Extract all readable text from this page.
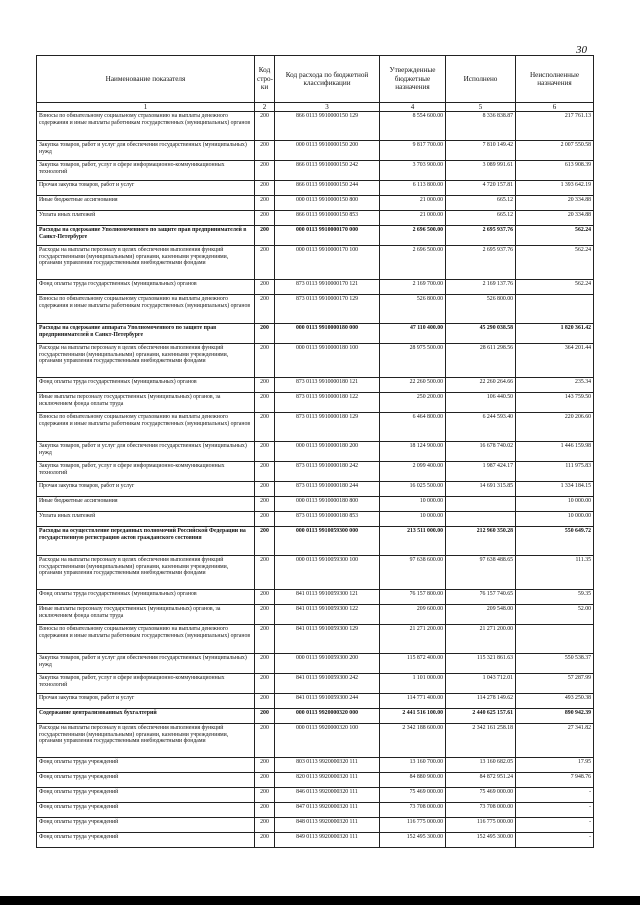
30
Наименование показателя	Код стро-ки	Код расхода по бюджетной классификации	Утвержденные бюджетные назначения	Исполнено	Неисполненные назначения
1	2	3	4	5	6
Взносы по обязательному социальному страхованию на выплаты денежного содержания и иные выплаты работникам государственных (муниципальных) органов	200	866 0113 9910000150 129	8 554 600.00	8 336 838.87	217 761.13
Закупка товаров, работ и услуг для обеспечения государственных (муниципальных) нужд	200	000 0113 9910000150 200	9 817 700.00	7 810 149.42	2 007 550.58
Закупка товаров, работ, услуг в сфере информационно-коммуникационных технологий	200	866 0113 9910000150 242	3 703 900.00	3 089 991.61	613 908.39
Прочая закупка товаров, работ и услуг	200	866 0113 9910000150 244	6 113 800.00	4 720 157.81	1 393 642.19
Иные бюджетные ассигнования	200	000 0113 9910000150 800	21 000.00	665.12	20 334.88
Уплата иных платежей	200	866 0113 9910000150 853	21 000.00	665.12	20 334.88
Расходы на содержание Уполномоченного по защите прав предпринимателей в Санкт-Петербурге	200	000 0113 9910000170 000	2 696 500.00	2 695 937.76	562.24
Расходы на выплаты персоналу в целях обеспечения выполнения функций государственными (муниципальными) органами, казенными учреждениями, органами управления государственными внебюджетными фондами	200	000 0113 9910000170 100	2 696 500.00	2 695 937.76	562.24
Фонд оплаты труда государственных (муниципальных) органов	200	873 0113 9910000170 121	2 169 700.00	2 169 137.76	562.24
Взносы по обязательному социальному страхованию на выплаты денежного содержания и иные выплаты работникам государственных (муниципальных) органов	200	873 0113 9910000170 129	526 800.00	526 800.00	
Расходы на содержание аппарата Уполномоченного по защите прав предпринимателей в Санкт-Петербурге	200	000 0113 9910000180 000	47 110 400.00	45 290 038.58	1 820 361.42
Расходы на выплаты персоналу в целях обеспечения выполнения функций государственными (муниципальными) органами, казенными учреждениями, органами управления государственными внебюджетными фондами	200	000 0113 9910000180 100	28 975 500.00	28 611 298.56	364 201.44
Фонд оплаты труда государственных (муниципальных) органов	200	873 0113 9910000180 121	22 260 500.00	22 260 264.66	235.34
Иные выплаты персоналу государственных (муниципальных) органов, за исключением фонда оплаты труда	200	873 0113 9910000180 122	250 200.00	106 440.50	143 759.50
Взносы по обязательному социальному страхованию на выплаты денежного содержания и иные выплаты работникам государственных (муниципальных) органов	200	873 0113 9910000180 129	6 464 800.00	6 244 593.40	220 206.60
Закупка товаров, работ и услуг для обеспечения государственных (муниципальных) нужд	200	000 0113 9910000180 200	18 124 900.00	16 678 740.02	1 446 159.98
Закупка товаров, работ, услуг в сфере информационно-коммуникационных технологий	200	873 0113 9910000180 242	2 099 400.00	1 987 424.17	111 975.83
Прочая закупка товаров, работ и услуг	200	873 0113 9910000180 244	16 025 500.00	14 691 315.85	1 334 184.15
Иные бюджетные ассигнования	200	000 0113 9910000180 800	10 000.00		10 000.00
Уплата иных платежей	200	873 0113 9910000180 853	10 000.00		10 000.00
Расходы на осуществление переданных полномочий Российской Федерации на государственную регистрацию актов гражданского состояния	200	000 0113 9910059300 000	213 511 000.00	212 960 350.28	550 649.72
Расходы на выплаты персоналу в целях обеспечения выполнения функций государственными (муниципальными) органами, казенными учреждениями, органами управления государственными внебюджетными фондами	200	000 0113 9910059300 100	97 638 600.00	97 638 488.65	111.35
Фонд оплаты труда государственных (муниципальных) органов	200	841 0113 9910059300 121	76 157 800.00	76 157 740.65	59.35
Иные выплаты персоналу государственных (муниципальных) органов, за исключением фонда оплаты труда	200	841 0113 9910059300 122	209 600.00	209 548.00	52.00
Взносы по обязательному социальному страхованию на выплаты денежного содержания и иные выплаты работникам государственных (муниципальных) органов	200	841 0113 9910059300 129	21 271 200.00	21 271 200.00	
Закупка товаров, работ и услуг для обеспечения государственных (муниципальных) нужд	200	000 0113 9910059300 200	115 872 400.00	115 321 861.63	550 538.37
Закупка товаров, работ, услуг в сфере информационно-коммуникационных технологий	200	841 0113 9910059300 242	1 101 000.00	1 043 712.01	57 287.99
Прочая закупка товаров, работ и услуг	200	841 0113 9910059300 244	114 771 400.00	114 278 149.62	493 250.38
Содержание централизованных бухгалтерий	200	000 0113 9920000320 000	2 441 516 100.00	2 440 625 157.61	890 942.39
Расходы на выплаты персоналу в целях обеспечения выполнения функций государственными (муниципальными) органами, казенными учреждениями, органами управления государственными внебюджетными фондами	200	000 0113 9920000320 100	2 342 188 600.00	2 342 161 258.18	27 341.82
Фонд оплаты труда учреждений	200	803 0113 9920000320 111	13 160 700.00	13 160 682.05	17.95
Фонд оплаты труда учреждений	200	820 0113 9920000320 111	84 880 900.00	84 872 951.24	7 948.76
Фонд оплаты труда учреждений	200	846 0113 9920000320 111	75 469 000.00	75 469 000.00	-
Фонд оплаты труда учреждений	200	847 0113 9920000320 111	73 708 000.00	73 708 000.00	-
Фонд оплаты труда учреждений	200	848 0113 9920000320 111	116 775 000.00	116 775 000.00	-
Фонд оплаты труда учреждений	200	849 0113 9920000320 111	152 495 300.00	152 495 300.00	-
